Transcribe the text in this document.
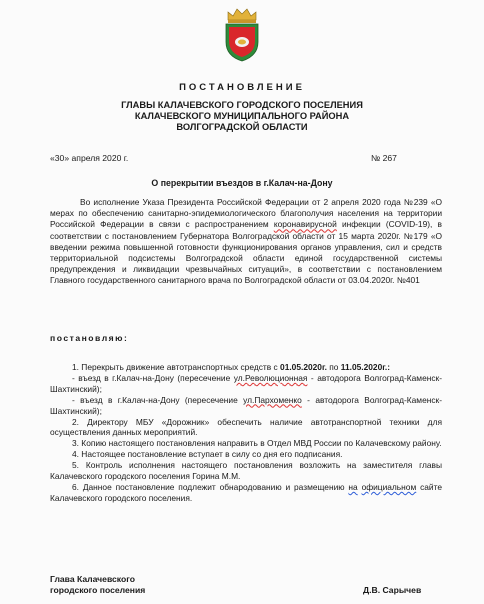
ПОСТАНОВЛЕНИЕ
ГЛАВЫ КАЛАЧЕВСКОГО ГОРОДСКОГО ПОСЕЛЕНИЯ
КАЛАЧЕВСКОГО МУНИЦИПАЛЬНОГО РАЙОНА
ВОЛГОГРАДСКОЙ ОБЛАСТИ
«30» апреля 2020 г.	№ 267
О перекрытии въездов в г.Калач-на-Дону
Во исполнение Указа Президента Российской Федерации от 2 апреля 2020 года №239 «О мерах по обеспечению санитарно-эпидемиологического благополучия населения на территории Российской Федерации в связи с распространением коронавирусной инфекции (COVID-19), в соответствии с постановлением Губернатора Волгоградской области от 15 марта 2020г. №179 «О введении режима повышенной готовности функционирования органов управления, сил и средств территориальной подсистемы Волгоградской области единой государственной системы предупреждения и ликвидации чрезвычайных ситуаций», в соответствии с постановлением Главного государственного санитарного врача по Волгоградской области от 03.04.2020г. №401
постановляю:

1. Перекрыть движение автотранспортных средств с 01.05.2020г. по 11.05.2020г.:

- въезд в г.Калач-на-Дону (пересечение ул.Революционная - автодорога Волгоград-Каменск-Шахтинский);

- въезд в г.Калач-на-Дону (пересечение ул.Пархоменко - автодорога Волгоград-Каменск-Шахтинский);

2. Директору МБУ «Дорожник» обеспечить наличие автотранспортной техники для осуществления данных мероприятий.

3. Копию настоящего постановления направить в Отдел МВД России по Калачевскому району.

4. Настоящее постановление вступает в силу со дня его подписания.

5. Контроль исполнения настоящего постановления возложить на заместителя главы Калачевского городского поселения Горина М.М.

6. Данное постановление подлежит обнародованию и размещению на официальном сайте Калачевского городского поселения.

Глава Калачевского
городского поселения	Д.В. Сарычев
